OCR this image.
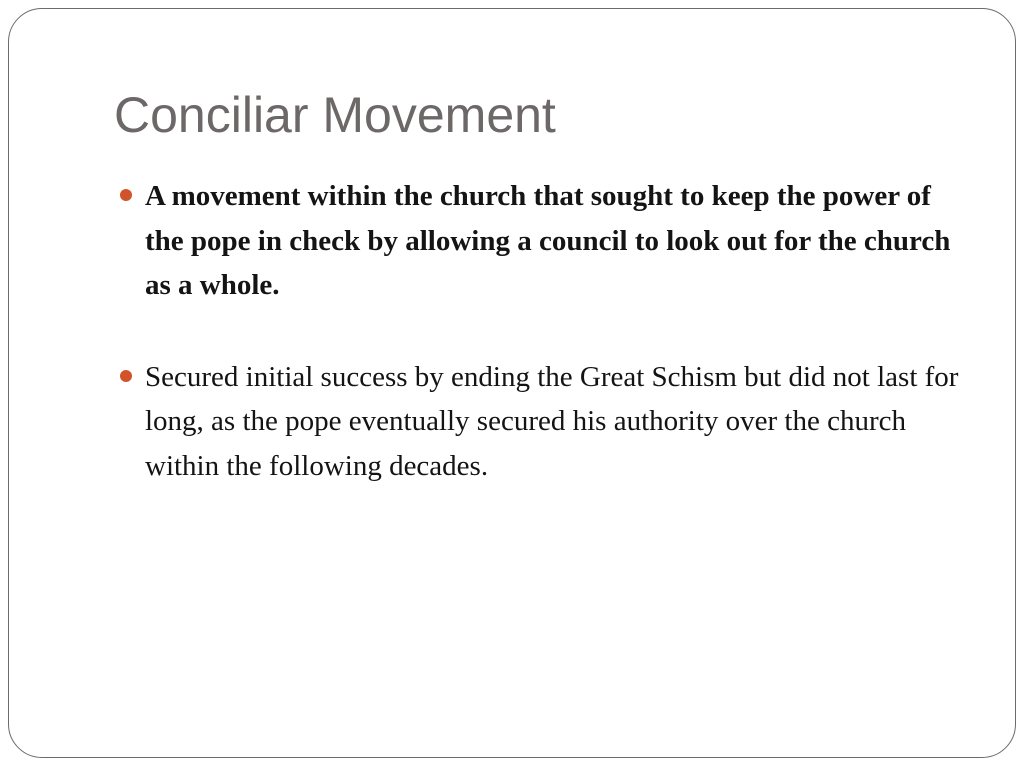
Conciliar Movement
A movement within the church that sought to keep the power of the pope in check by allowing a council to look out for the church as a whole.
Secured initial success by ending the Great Schism but did not last for long, as the pope eventually secured his authority over the church within the following decades.
